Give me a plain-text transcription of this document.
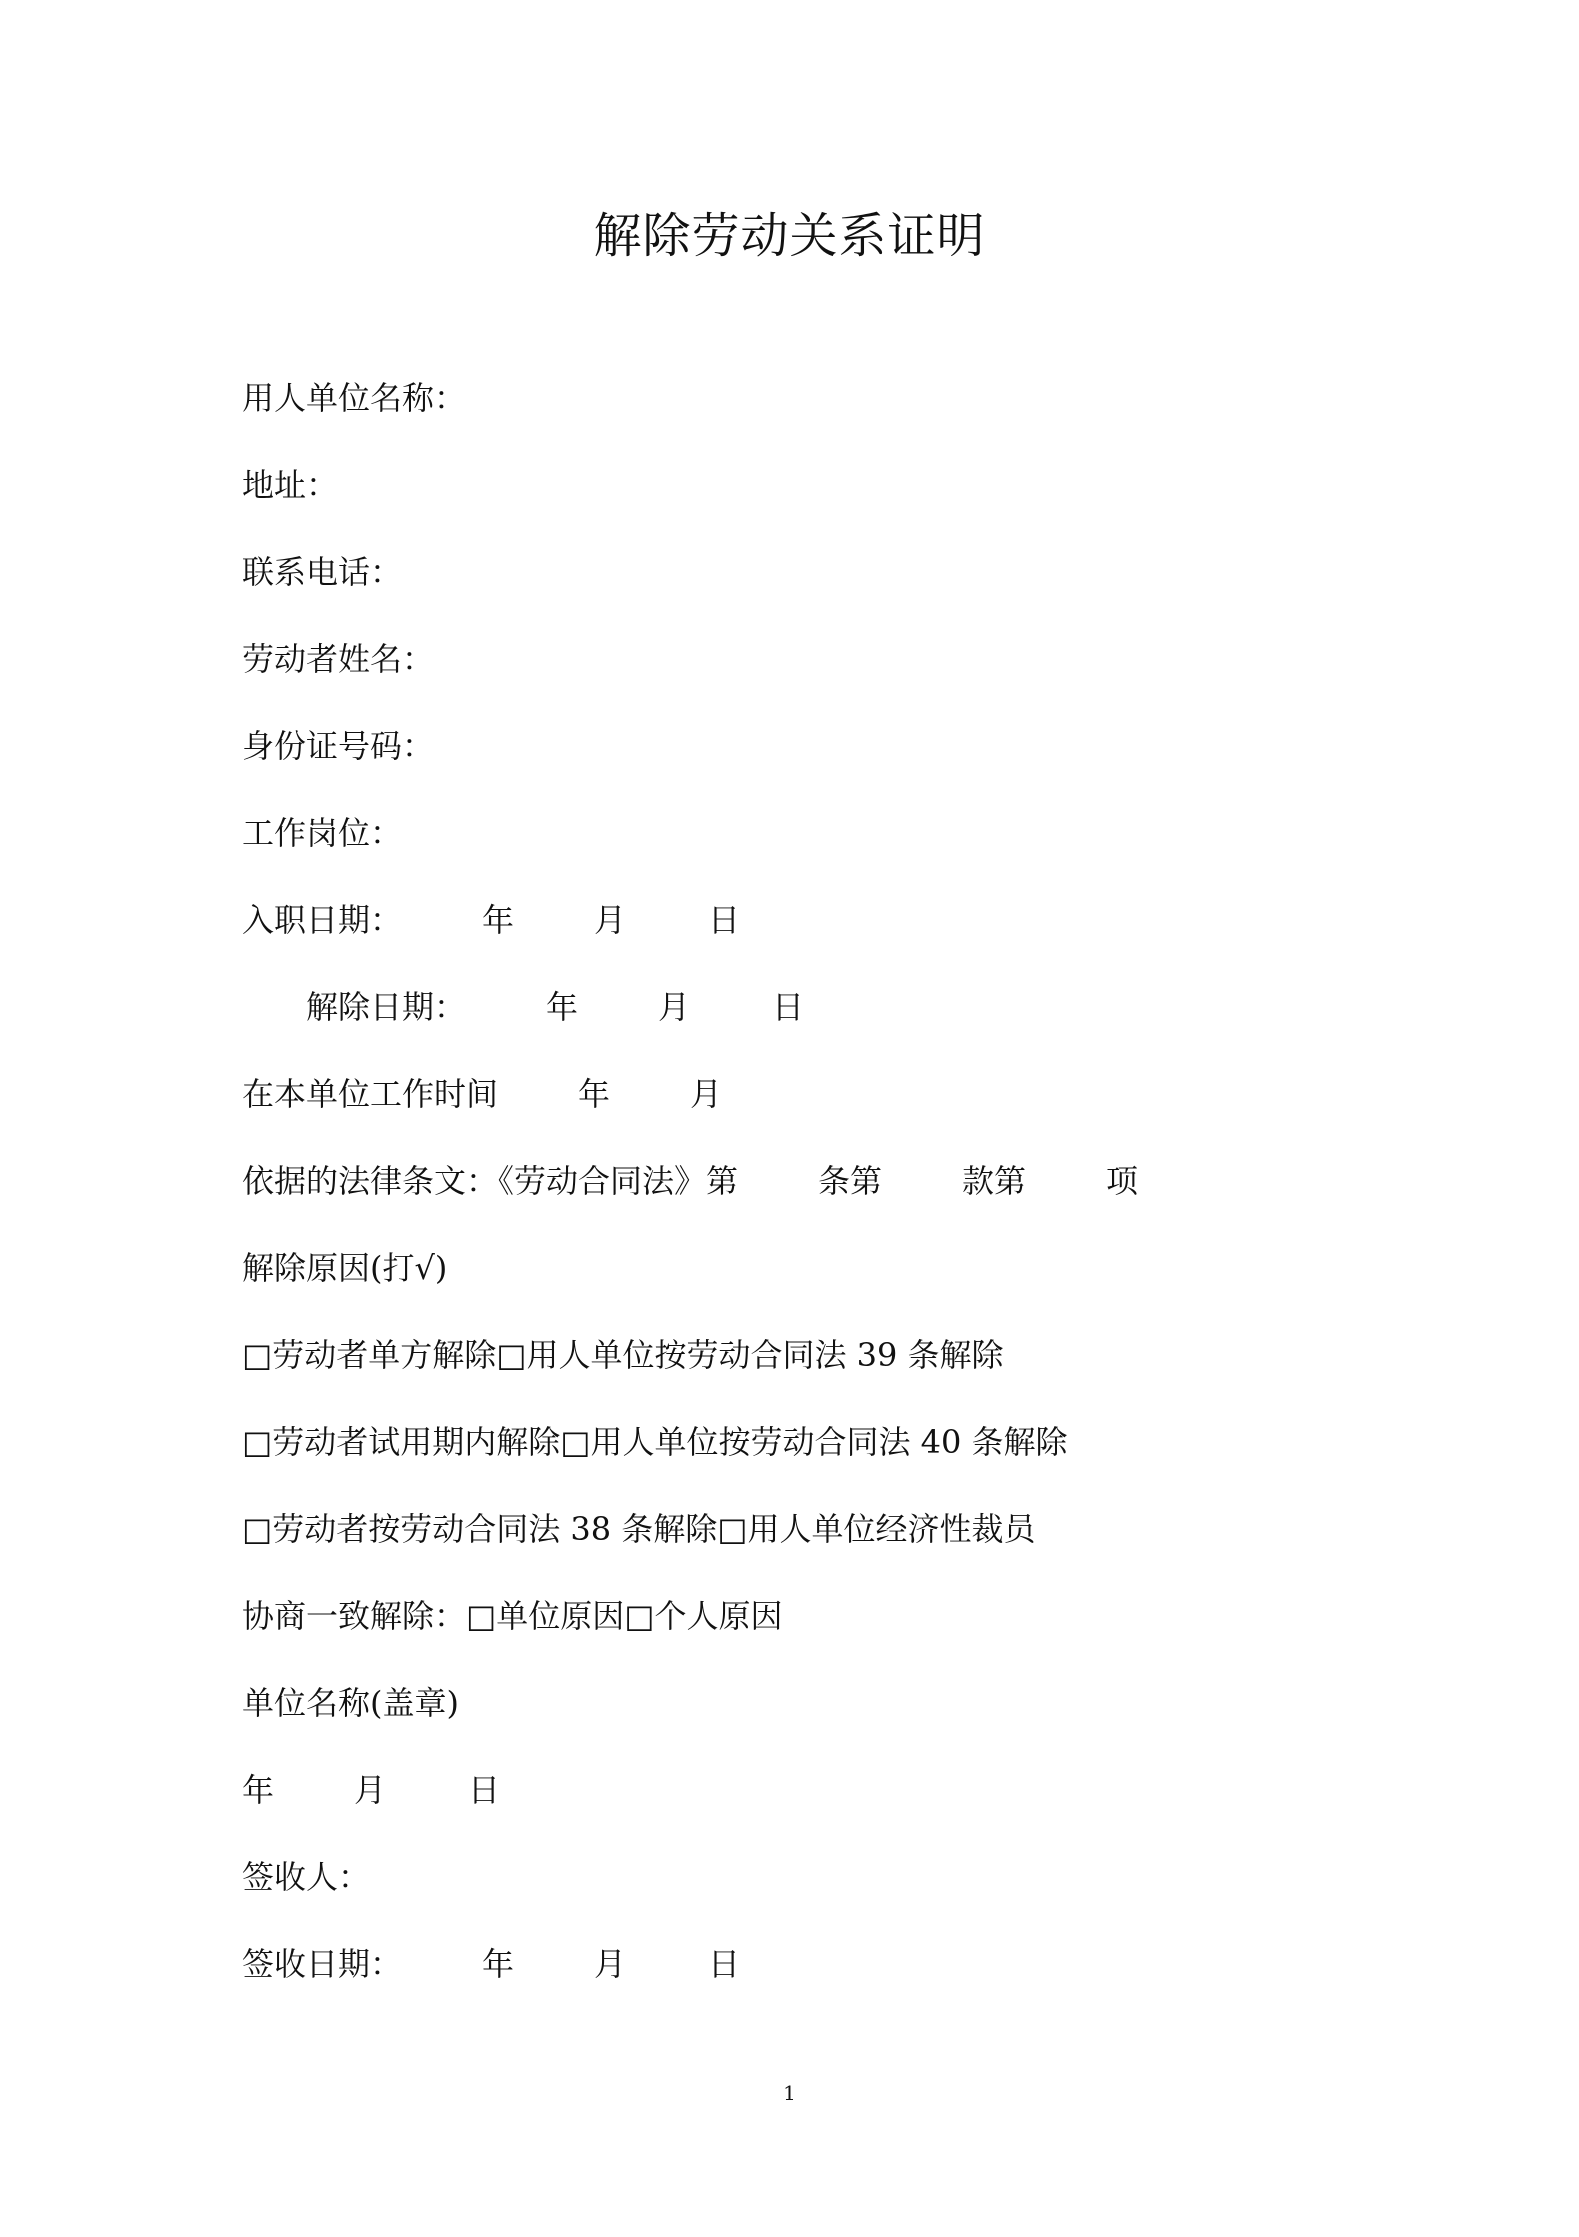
解除劳动关系证明
用人单位名称：
地址：
联系电话：
劳动者姓名：
身份证号码：
工作岗位：
入职日期： 年 月	日
解除日期： 年 月	日
在本单位工作时间 年 月
依据的法律条文：《劳动合同法》第 条第 款第 项
解除原因(打√)
□劳动者单方解除□用人单位按劳动合同法 39 条解除
□劳动者试用期内解除□用人单位按劳动合同法 40 条解除
□劳动者按劳动合同法 38 条解除□用人单位经济性裁员
协商一致解除：□单位原因□个人原因
单位名称(盖章)
年 月	日
签收人：
签收日期： 年 月	日
1
